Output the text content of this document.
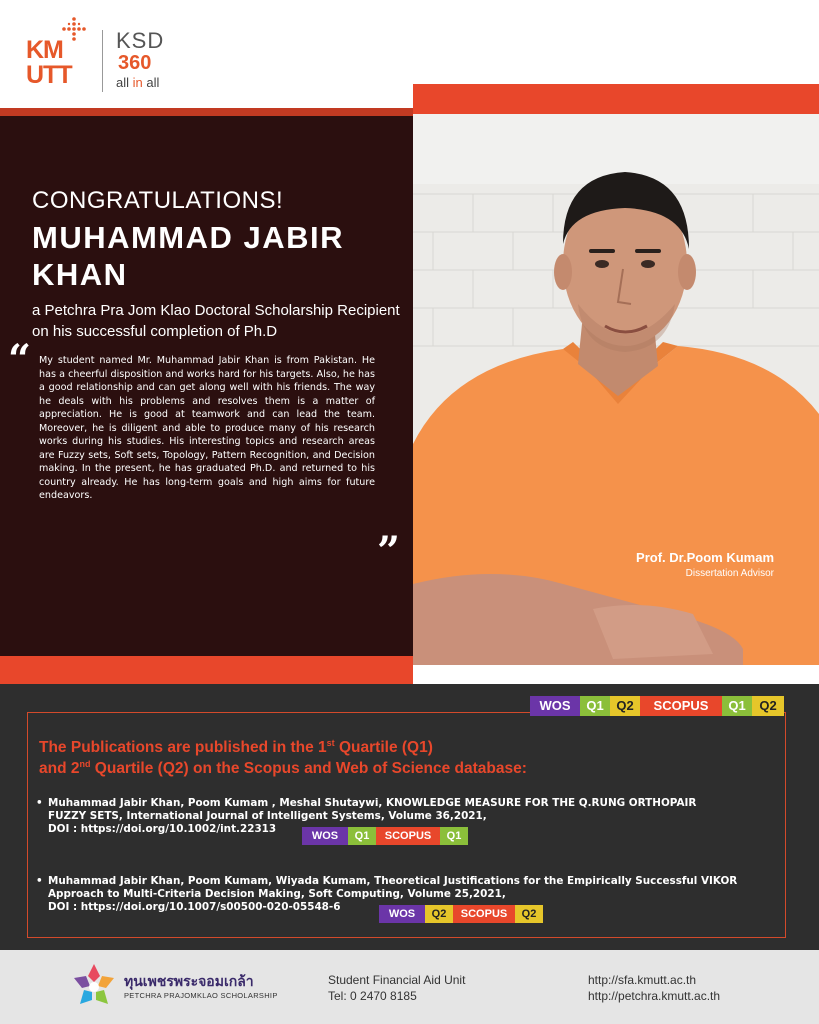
KM
UTT
KSD
360
all in all
CONGRATULATIONS!
MUHAMMAD JABIR KHAN
a Petchra Pra Jom Klao Doctoral Scholarship Recipient on his successful completion of Ph.D
“ My student named Mr. Muhammad Jabir Khan is from Pakistan. He has a cheerful disposition and works hard for his targets. Also, he has a good relationship and can get along well with his friends. The way he deals with his problems and resolves them is a matter of appreciation. He is good at teamwork and can lead the team. Moreover, he is diligent and able to produce many of his research works during his studies. His interesting topics and research areas are Fuzzy sets, Soft sets, Topology, Pattern Recognition, and Decision making. In the present, he has graduated Ph.D. and returned to his country already. He has long-term goals and high aims for future endeavors.
”	Prof. Dr.Poom Kumam
Dissertation Advisor
WOS	Q1 Q2	SCOPUS	Q1	Q2
The Publications are published in the 1st Quartile (Q1)
and 2nd Quartile (Q2) on the Scopus and Web of Science database:
• Muhammad Jabir Khan, Poom Kumam , Meshal Shutaywi, KNOWLEDGE MEASURE FOR THE Q.RUNG ORTHOPAIR
FUZZY SETS, International Journal of Intelligent Systems, Volume 36,2021,
DOI : https://doi.org/10.1002/int.22313
WOS	Q1	SCOPUS	Q1
• Muhammad Jabir Khan, Poom Kumam, Wiyada Kumam, Theoretical Justifications for the Empirically Successful VIKOR
Approach to Multi-Criteria Decision Making, Soft Computing, Volume 25,2021,
DOI : https://doi.org/10.1007/s00500-020-05548-6
WOS	Q2	SCOPUS	Q2
ทุนเพชรพระจอมเกล้า
PETCHRA PRAJOMKLAO SCHOLARSHIP
Student Financial Aid Unit
Tel: 0 2470 8185
http://sfa.kmutt.ac.th
http://petchra.kmutt.ac.th
